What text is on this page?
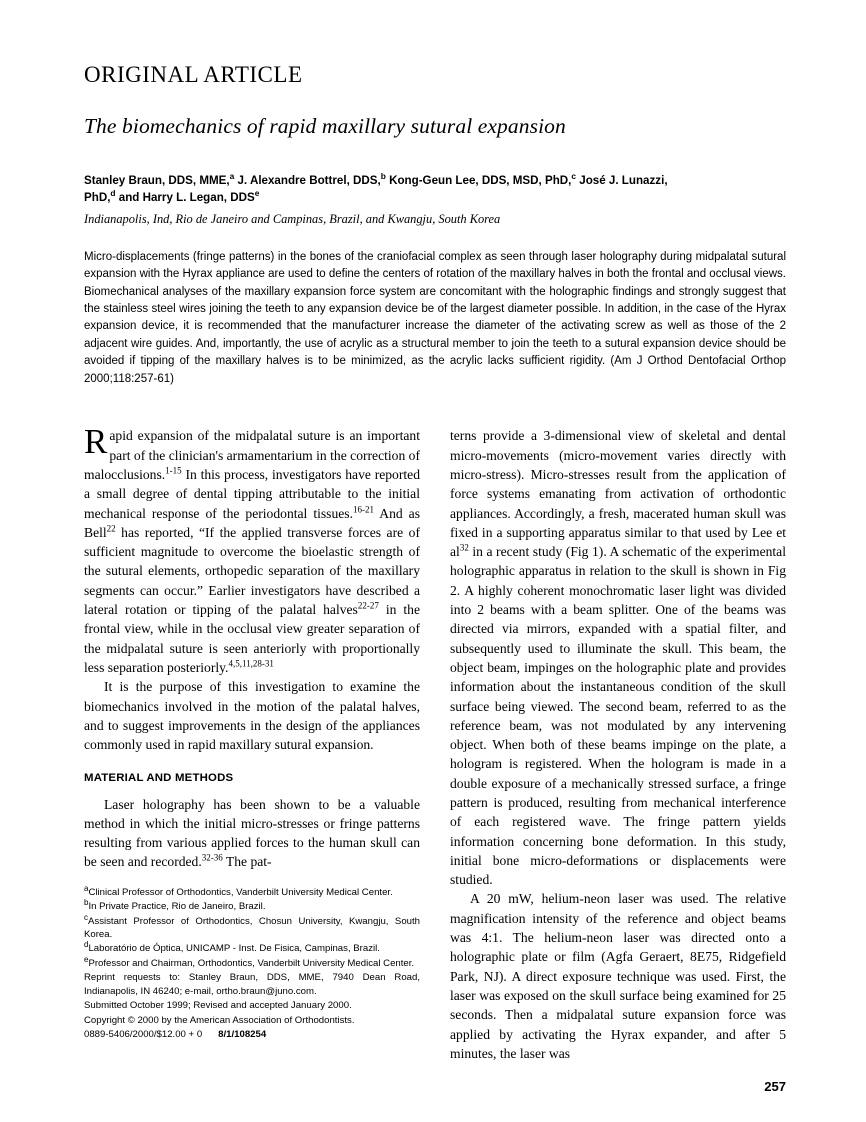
ORIGINAL ARTICLE
The biomechanics of rapid maxillary sutural expansion
Stanley Braun, DDS, MME,$^a$ J. Alexandre Bottrel, DDS,$^b$ Kong-Geun Lee, DDS, MSD, PhD,$^c$ José J. Lunazzi,
PhD,$^d$ and Harry L. Legan, DDS$^e$
Indianapolis, Ind, Rio de Janeiro and Campinas, Brazil, and Kwangju, South Korea
Micro-displacements (fringe patterns) in the bones of the craniofacial complex as seen through laser holography during midpalatal sutural expansion with the Hyrax appliance are used to define the centers of rotation of the maxillary halves in both the frontal and occlusal views. Biomechanical analyses of the maxillary expansion force system are concomitant with the holographic findings and strongly suggest that the stainless steel wires joining the teeth to any expansion device be of the largest diameter possible. In addition, in the case of the Hyrax expansion device, it is recommended that the manufacturer increase the diameter of the activating screw as well as those of the 2 adjacent wire guides. And, importantly, the use of acrylic as a structural member to join the teeth to a sutural expansion device should be avoided if tipping of the maxillary halves is to be minimized, as the acrylic lacks sufficient rigidity. (Am J Orthod Dentofacial Orthop 2000;118:257-61)

Rapid expansion of the midpalatal suture is an important part of the clinician's armamentarium in the correction of malocclusions.$^{1-15}$ In this process, investigators have reported a small degree of dental tipping attributable to the initial mechanical response of the periodontal tissues.$^{16-21}$ And as Bell$^{22}$ has reported, “If the applied transverse forces are of sufficient magnitude to overcome the bioelastic strength of the sutural elements, orthopedic separation of the maxillary segments can occur.” Earlier investigators have described a lateral rotation or tipping of the palatal halves$^{22-27}$ in the frontal view, while in the occlusal view greater separation of the midpalatal suture is seen anteriorly with proportionally less separation posteriorly.$^{4,5,11,28-31}$

It is the purpose of this investigation to examine the biomechanics involved in the motion of the palatal halves, and to suggest improvements in the design of the appliances commonly used in rapid maxillary sutural expansion.

MATERIAL AND METHODS

Laser holography has been shown to be a valuable method in which the initial micro-stresses or fringe patterns resulting from various applied forces to the human skull can be seen and recorded.$^{32-36}$ The pat-

$^a$Clinical Professor of Orthodontics, Vanderbilt University Medical Center.
$^b$In Private Practice, Rio de Janeiro, Brazil.
$^c$Assistant Professor of Orthodontics, Chosun University, Kwangju, South Korea.
$^d$Laboratório de Óptica, UNICAMP - Inst. De Fisica, Campinas, Brazil.
$^e$Professor and Chairman, Orthodontics, Vanderbilt University Medical Center.
Reprint requests to: Stanley Braun, DDS, MME, 7940 Dean Road, Indianapolis, IN 46240; e-mail, ortho.braun@juno.com.
Submitted October 1999; Revised and accepted January 2000.
Copyright © 2000 by the American Association of Orthodontists.
0889-5406/2000/$12.00 + 0 8/1/108254

terns provide a 3-dimensional view of skeletal and dental micro-movements (micro-movement varies directly with micro-stress). Micro-stresses result from the application of force systems emanating from activation of orthodontic appliances. Accordingly, a fresh, macerated human skull was fixed in a supporting apparatus similar to that used by Lee et $al^{32}$ in a recent study (Fig 1). A schematic of the experimental holographic apparatus in relation to the skull is shown in Fig 2. A highly coherent monochromatic laser light was divided into 2 beams with a beam splitter. One of the beams was directed via mirrors, expanded with a spatial filter, and subsequently used to illuminate the skull. This beam, the object beam, impinges on the holographic plate and provides information about the instantaneous condition of the skull surface being viewed. The second beam, referred to as the reference beam, was not modulated by any intervening object. When both of these beams impinge on the plate, a hologram is registered. When the hologram is made in a double exposure of a mechanically stressed surface, a fringe pattern is produced, resulting from mechanical interference of each registered wave. The fringe pattern yields information concerning bone deformation. In this study, initial bone micro-deformations or displacements were studied.

A 20 mW, helium-neon laser was used. The relative magnification intensity of the reference and object beams was 4:1. The helium-neon laser was directed onto a holographic plate or film (Agfa Geraert, 8E75, Ridgefield Park, NJ). A direct exposure technique was used. First, the laser was exposed on the skull surface being examined for 25 seconds. Then a midpalatal suture expansion force was applied by activating the Hyrax expander, and after 5 minutes, the laser was

257
